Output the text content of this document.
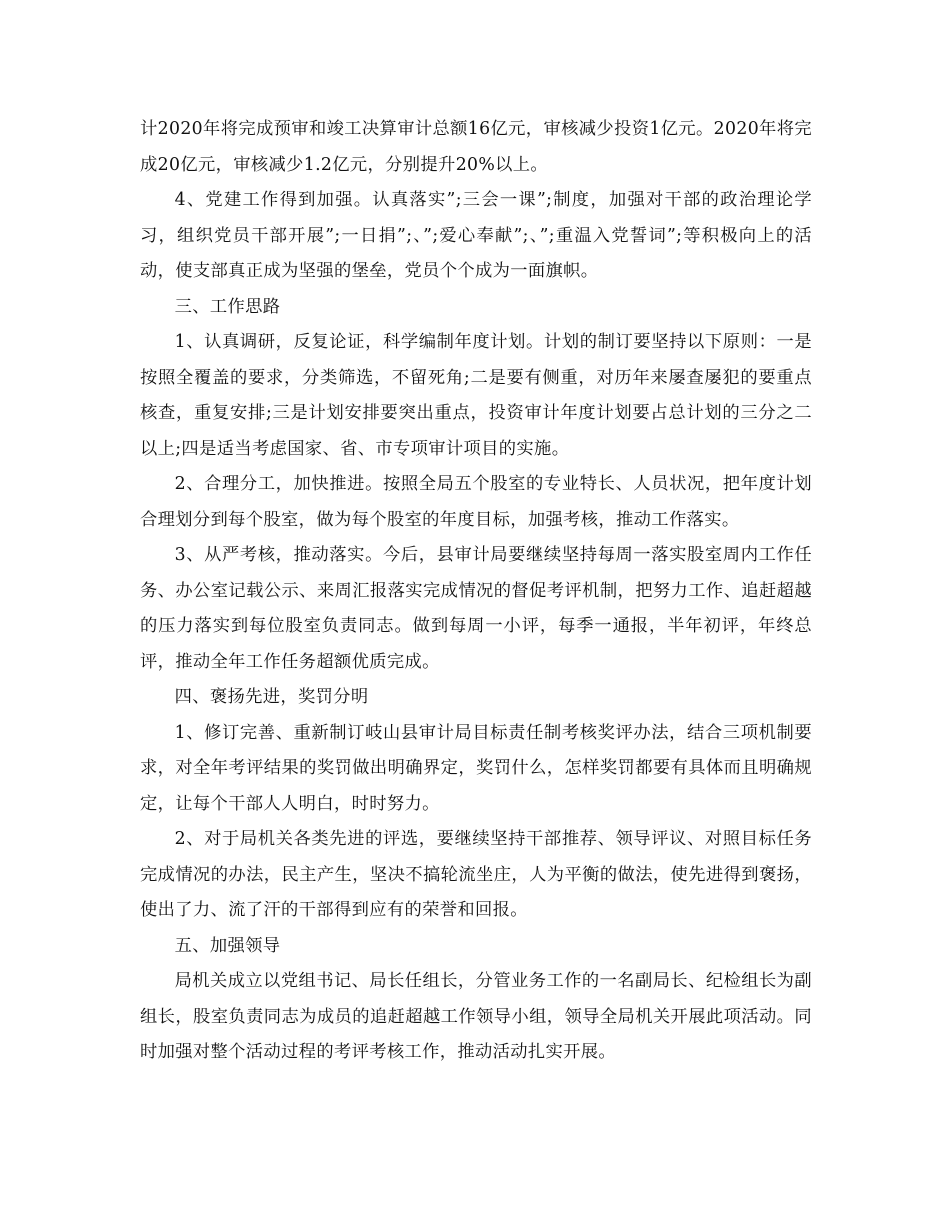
计2020年将完成预审和竣工决算审计总额16亿元，审核减少投资1亿元。2020年将完成20亿元，审核减少1.2亿元，分别提升20%以上。

4、党建工作得到加强。认真落实”;三会一课”;制度，加强对干部的政治理论学习，组织党员干部开展”;一日捐”;、”;爱心奉献”;、”;重温入党誓词”;等积极向上的活动，使支部真正成为坚强的堡垒，党员个个成为一面旗帜。

三、工作思路

1、认真调研，反复论证，科学编制年度计划。计划的制订要坚持以下原则：一是按照全覆盖的要求，分类筛选，不留死角;二是要有侧重，对历年来屡查屡犯的要重点核查，重复安排;三是计划安排要突出重点，投资审计年度计划要占总计划的三分之二以上;四是适当考虑国家、省、市专项审计项目的实施。

2、合理分工，加快推进。按照全局五个股室的专业特长、人员状况，把年度计划合理划分到每个股室，做为每个股室的年度目标，加强考核，推动工作落实。

3、从严考核，推动落实。今后，县审计局要继续坚持每周一落实股室周内工作任务、办公室记载公示、来周汇报落实完成情况的督促考评机制，把努力工作、追赶超越的压力落实到每位股室负责同志。做到每周一小评，每季一通报，半年初评，年终总评，推动全年工作任务超额优质完成。

四、褒扬先进，奖罚分明

1、修订完善、重新制订岐山县审计局目标责任制考核奖评办法，结合三项机制要求，对全年考评结果的奖罚做出明确界定，奖罚什么，怎样奖罚都要有具体而且明确规定，让每个干部人人明白，时时努力。

2、对于局机关各类先进的评选，要继续坚持干部推荐、领导评议、对照目标任务完成情况的办法，民主产生，坚决不搞轮流坐庄，人为平衡的做法，使先进得到褒扬，使出了力、流了汗的干部得到应有的荣誉和回报。

五、加强领导

局机关成立以党组书记、局长任组长，分管业务工作的一名副局长、纪检组长为副组长，股室负责同志为成员的追赶超越工作领导小组，领导全局机关开展此项活动。同时加强对整个活动过程的考评考核工作，推动活动扎实开展。
